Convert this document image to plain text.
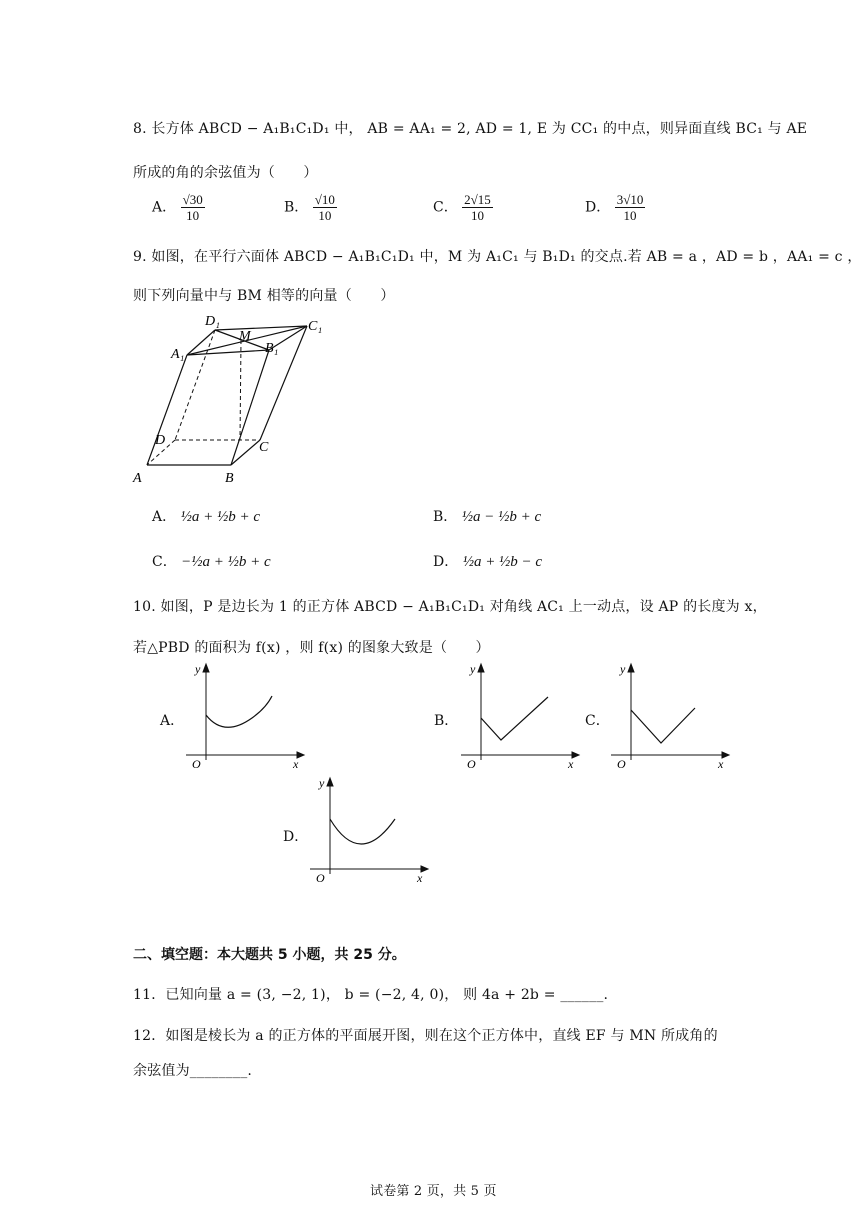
8. 长方体 ABCD − A₁B₁C₁D₁ 中， AB = AA₁ = 2, AD = 1, E 为 CC₁ 的中点，则异面直线 BC₁ 与 AE
所成的角的余弦值为（　　）
A． $\frac{√30}{10}$	B． $\frac{√10}{10}$	C． $\frac{2√15}{10}$	D． $\frac{3√10}{10}$
9. 如图，在平行六面体 ABCD − A₁B₁C₁D₁ 中，M 为 A₁C₁ 与 B₁D₁ 的交点.若 AB = a ，AD = b ，AA₁ = c ，
则下列向量中与 BM 相等的向量（　　）
D₁	C₁
A₁
M
B₁
D	C
A	B
A． ½a + ½b + c	B． ½a − ½b + c
C． −½a + ½b + c	D． ½a + ½b − c
10. 如图，P 是边长为 1 的正方体 ABCD − A₁B₁C₁D₁ 对角线 AC₁ 上一动点，设 AP 的长度为 x，
若△PBD 的面积为 f(x) ，则 f(x) 的图象大致是（　　）
A．
y
O	x
B．
y
O	x
C．
y
O	x
D．
y
O	x
二、填空题：本大题共 5 小题，共 25 分。
11．已知向量 a = (3, −2, 1)， b = (−2, 4, 0)， 则 4a + 2b = ______.
12．如图是棱长为 a 的正方体的平面展开图，则在这个正方体中，直线 EF 与 MN 所成角的
余弦值为________.
试卷第 2 页，共 5 页
